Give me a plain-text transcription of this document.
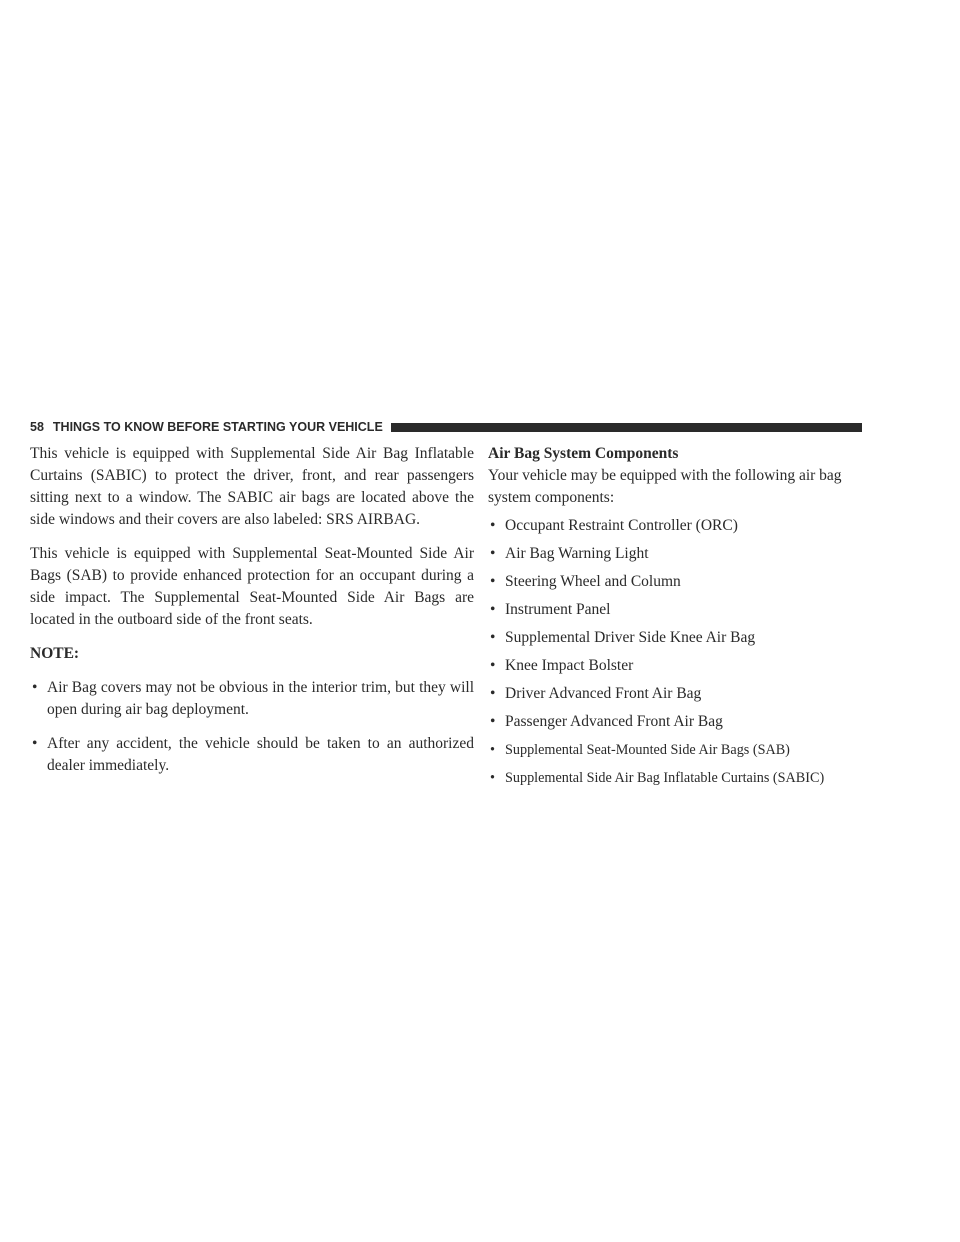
58 THINGS TO KNOW BEFORE STARTING YOUR VEHICLE

This vehicle is equipped with Supplemental Side Air Bag Inflatable Curtains (SABIC) to protect the driver, front, and rear passengers sitting next to a window. The SABIC air bags are located above the side windows and their covers are also labeled: SRS AIRBAG.

This vehicle is equipped with Supplemental Seat-Mounted Side Air Bags (SAB) to provide enhanced protection for an occupant during a side impact. The Supplemental Seat-Mounted Side Air Bags are located in the outboard side of the front seats.

NOTE:

• Air Bag covers may not be obvious in the interior trim, but they will open during air bag deployment.
• After any accident, the vehicle should be taken to an authorized dealer immediately.

Air Bag System Components

Your vehicle may be equipped with the following air bag system components:

• Occupant Restraint Controller (ORC)
• Air Bag Warning Light
• Steering Wheel and Column
• Instrument Panel
• Supplemental Driver Side Knee Air Bag
• Knee Impact Bolster
• Driver Advanced Front Air Bag
• Passenger Advanced Front Air Bag
• Supplemental Seat-Mounted Side Air Bags (SAB)
• Supplemental Side Air Bag Inflatable Curtains (SABIC)
